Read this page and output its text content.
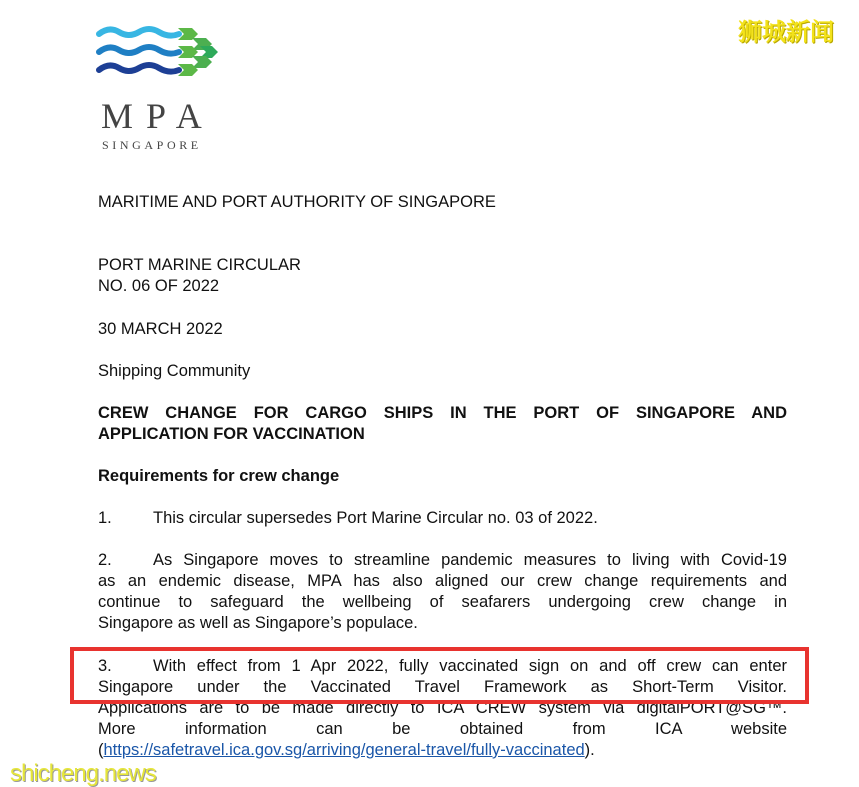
MPA
SINGAPORE
狮城新闻
MARITIME AND PORT AUTHORITY OF SINGAPORE
PORT MARINE CIRCULAR
NO. 06 OF 2022
30 MARCH 2022
Shipping Community
CREW CHANGE FOR CARGO SHIPS IN THE PORT OF SINGAPORE AND
APPLICATION FOR VACCINATION
Requirements for crew change
1. This circular supersedes Port Marine Circular no. 03 of 2022.
2.	As Singapore moves to streamline pandemic measures to living with Covid-19
as an endemic disease, MPA has also aligned our crew change requirements and
continue to safeguard the wellbeing of seafarers undergoing crew change in
Singapore as well as Singapore’s populace.
3.	With effect from 1 Apr 2022, fully vaccinated sign on and off crew can enter
Singapore under the Vaccinated Travel Framework as Short-Term Visitor.
Applications are to be made directly to ICA CREW system via digitalPORT@SG™.
More information can be obtained from ICA website
(https://safetravel.ica.gov.sg/arriving/general-travel/fully-vaccinated).
shicheng.news
